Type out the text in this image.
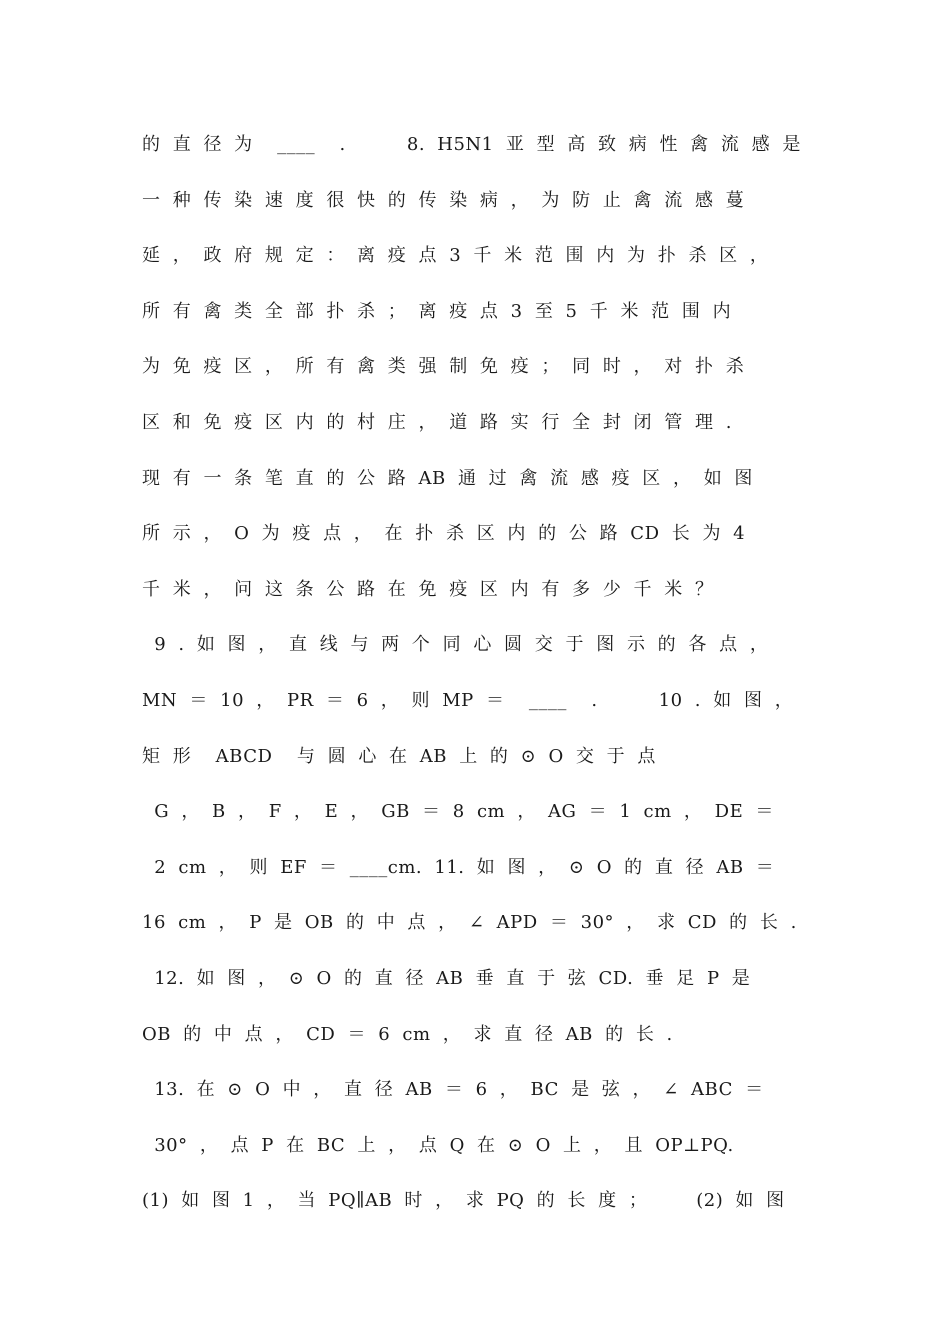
的 直 径 为  ____  .     8. H5N1 亚 型 高 致 病 性 禽 流 感 是
一 种 传 染 速 度 很 快 的 传 染 病 ， 为 防 止 禽 流 感 蔓
延 ， 政 府 规 定 ： 离 疫 点 3 千 米 范 围 内 为 扑 杀 区 ，
所 有 禽 类 全 部 扑 杀 ； 离 疫 点 3 至 5 千 米 范 围 内
为 免 疫 区 ， 所 有 禽 类 强 制 免 疫 ； 同 时 ， 对 扑 杀
区 和 免 疫 区 内 的 村 庄 ， 道 路 实 行 全 封 闭 管 理 .
现 有 一 条 笔 直 的 公 路 AB 通 过 禽 流 感 疫 区 ， 如 图
所 示 ， O 为 疫 点 ， 在 扑 杀 区 内 的 公 路 CD 长 为 4
千 米 ， 问 这 条 公 路 在 免 疫 区 内 有 多 少 千 米 ？
9 . 如 图 ， 直 线 与 两 个 同 心 圆 交 于 图 示 的 各 点 ，
MN ＝ 10 ， PR ＝ 6 ， 则 MP ＝  ____  .     10 . 如 图 ，
矩 形  ABCD  与 圆 心 在 AB 上 的 ⊙ O 交 于 点
G ， B ， F ， E ， GB ＝ 8 cm ， AG ＝ 1 cm ， DE ＝
2 cm ， 则 EF ＝ ____cm. 11. 如 图 ， ⊙ O 的 直 径 AB ＝
16 cm ， P 是 OB 的 中 点 ， ∠ APD ＝ 30° ， 求 CD 的 长 .
12. 如 图 ， ⊙ O 的 直 径 AB 垂 直 于 弦 CD. 垂 足 P 是
OB 的 中 点 ， CD ＝ 6 cm ， 求 直 径 AB 的 长 .
13. 在 ⊙ O 中 ， 直 径 AB ＝ 6 ， BC 是 弦 ， ∠ ABC ＝
30° ， 点 P 在 BC 上 ， 点 Q 在 ⊙ O 上 ， 且 OP⊥PQ.
(1) 如 图 1 ， 当 PQ∥AB 时 ， 求 PQ 的 长 度 ；    (2) 如 图
